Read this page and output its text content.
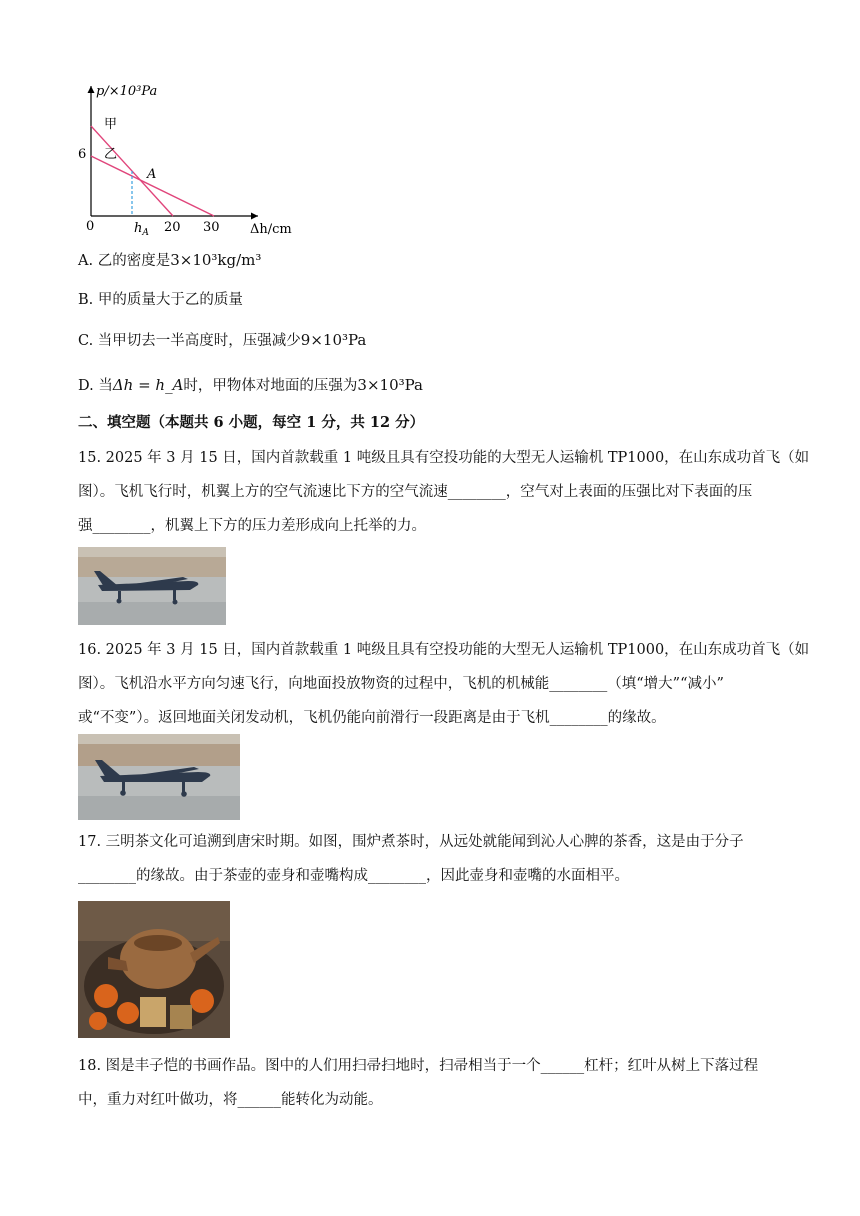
p/×10³Pa
Δh/cm
0
6
甲
乙
A
$h_A$ 20 30
A. 乙的密度是3×10³kg/m³
B. 甲的质量大于乙的质量
C. 当甲切去一半高度时，压强减少9×10³Pa
D. 当Δh = h_A时，甲物体对地面的压强为3×10³Pa
二、填空题（本题共 6 小题，每空 1 分，共 12 分）
15. 2025 年 3 月 15 日，国内首款载重 1 吨级且具有空投功能的大型无人运输机 TP1000，在山东成功首飞（如
图）。飞机飞行时，机翼上方的空气流速比下方的空气流速________，空气对上表面的压强比对下表面的压
强________，机翼上下方的压力差形成向上托举的力。
16. 2025 年 3 月 15 日，国内首款载重 1 吨级且具有空投功能的大型无人运输机 TP1000，在山东成功首飞（如
图）。飞机沿水平方向匀速飞行，向地面投放物资的过程中，飞机的机械能________（填“增大”“减小”
或“不变”）。返回地面关闭发动机，飞机仍能向前滑行一段距离是由于飞机________的缘故。
17. 三明茶文化可追溯到唐宋时期。如图，围炉煮茶时，从远处就能闻到沁人心脾的茶香，这是由于分子
________的缘故。由于茶壶的壶身和壶嘴构成________，因此壶身和壶嘴的水面相平。
18. 图是丰子恺的书画作品。图中的人们用扫帚扫地时，扫帚相当于一个______杠杆；红叶从树上下落过程
中，重力对红叶做功，将______能转化为动能。
